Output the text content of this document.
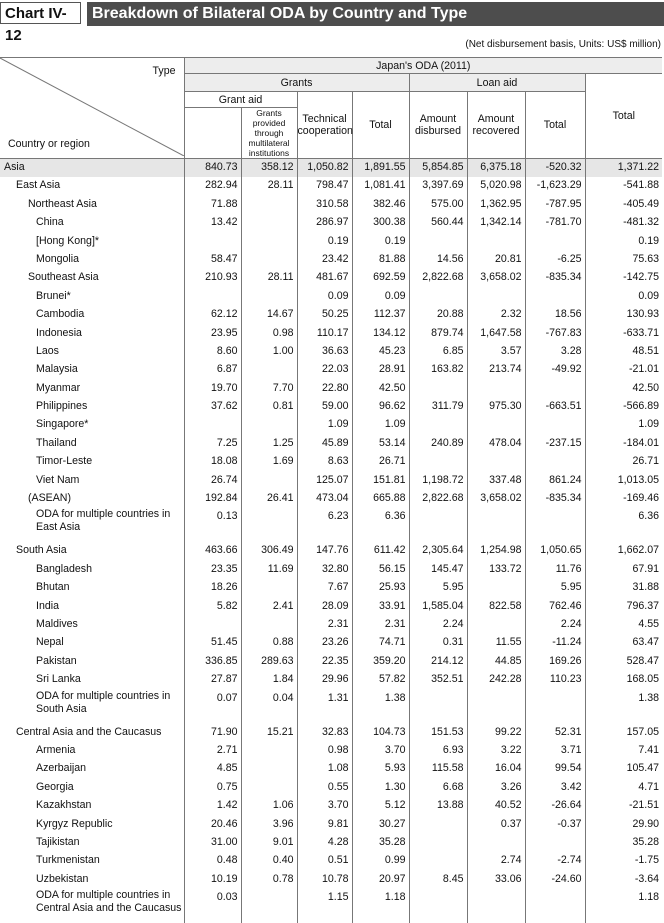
Chart IV-12
Breakdown of Bilateral ODA by Country and Type
(Net disbursement basis, Units: US$ million)
Type
Country or region	Japan's ODA (2011)							
	Grants				Loan aid			Total
	Grant aid		Technical cooperation	Total	Amount disbursed	Amount recovered	Total	
		Grants provided through multilateral institutions						

Asia	840.73	358.12	1,050.82	1,891.55	5,854.85	6,375.18	-520.32	1,371.22

East Asia	282.94	28.11	798.47	1,081.41	3,397.69	5,020.98	-1,623.29	-541.88

Northeast Asia	71.88		310.58	382.46	575.00	1,362.95	-787.95	-405.49

China	13.42		286.97	300.38	560.44	1,342.14	-781.70	-481.32

[Hong Kong]*			0.19	0.19				0.19

Mongolia	58.47		23.42	81.88	14.56	20.81	-6.25	75.63

Southeast Asia	210.93	28.11	481.67	692.59	2,822.68	3,658.02	-835.34	-142.75

Brunei*			0.09	0.09				0.09

Cambodia	62.12	14.67	50.25	112.37	20.88	2.32	18.56	130.93

Indonesia	23.95	0.98	110.17	134.12	879.74	1,647.58	-767.83	-633.71

Laos	8.60	1.00	36.63	45.23	6.85	3.57	3.28	48.51

Malaysia	6.87		22.03	28.91	163.82	213.74	-49.92	-21.01

Myanmar	19.70	7.70	22.80	42.50				42.50

Philippines	37.62	0.81	59.00	96.62	311.79	975.30	-663.51	-566.89

Singapore*			1.09	1.09				1.09

Thailand	7.25	1.25	45.89	53.14	240.89	478.04	-237.15	-184.01

Timor-Leste	18.08	1.69	8.63	26.71				26.71

Viet Nam	26.74		125.07	151.81	1,198.72	337.48	861.24	1,013.05

(ASEAN)	192.84	26.41	473.04	665.88	2,822.68	3,658.02	-835.34	-169.46

ODA for multiple countries in East Asia	0.13		6.23	6.36				6.36

South Asia	463.66	306.49	147.76	611.42	2,305.64	1,254.98	1,050.65	1,662.07

Bangladesh	23.35	11.69	32.80	56.15	145.47	133.72	11.76	67.91

Bhutan	18.26		7.67	25.93	5.95		5.95	31.88

India	5.82	2.41	28.09	33.91	1,585.04	822.58	762.46	796.37

Maldives			2.31	2.31	2.24		2.24	4.55

Nepal	51.45	0.88	23.26	74.71	0.31	11.55	-11.24	63.47

Pakistan	336.85	289.63	22.35	359.20	214.12	44.85	169.26	528.47

Sri Lanka	27.87	1.84	29.96	57.82	352.51	242.28	110.23	168.05

ODA for multiple countries in South Asia	0.07	0.04	1.31	1.38				1.38

Central Asia and the Caucasus	71.90	15.21	32.83	104.73	151.53	99.22	52.31	157.05

Armenia	2.71		0.98	3.70	6.93	3.22	3.71	7.41

Azerbaijan	4.85		1.08	5.93	115.58	16.04	99.54	105.47

Georgia	0.75		0.55	1.30	6.68	3.26	3.42	4.71

Kazakhstan	1.42	1.06	3.70	5.12	13.88	40.52	-26.64	-21.51

Kyrgyz Republic	20.46	3.96	9.81	30.27		0.37	-0.37	29.90

Tajikistan	31.00	9.01	4.28	35.28				35.28

Turkmenistan	0.48	0.40	0.51	0.99		2.74	-2.74	-1.75

Uzbekistan	10.19	0.78	10.78	20.97	8.45	33.06	-24.60	-3.64

ODA for multiple countries in Central Asia and the Caucasus	0.03		1.15	1.18				1.18
